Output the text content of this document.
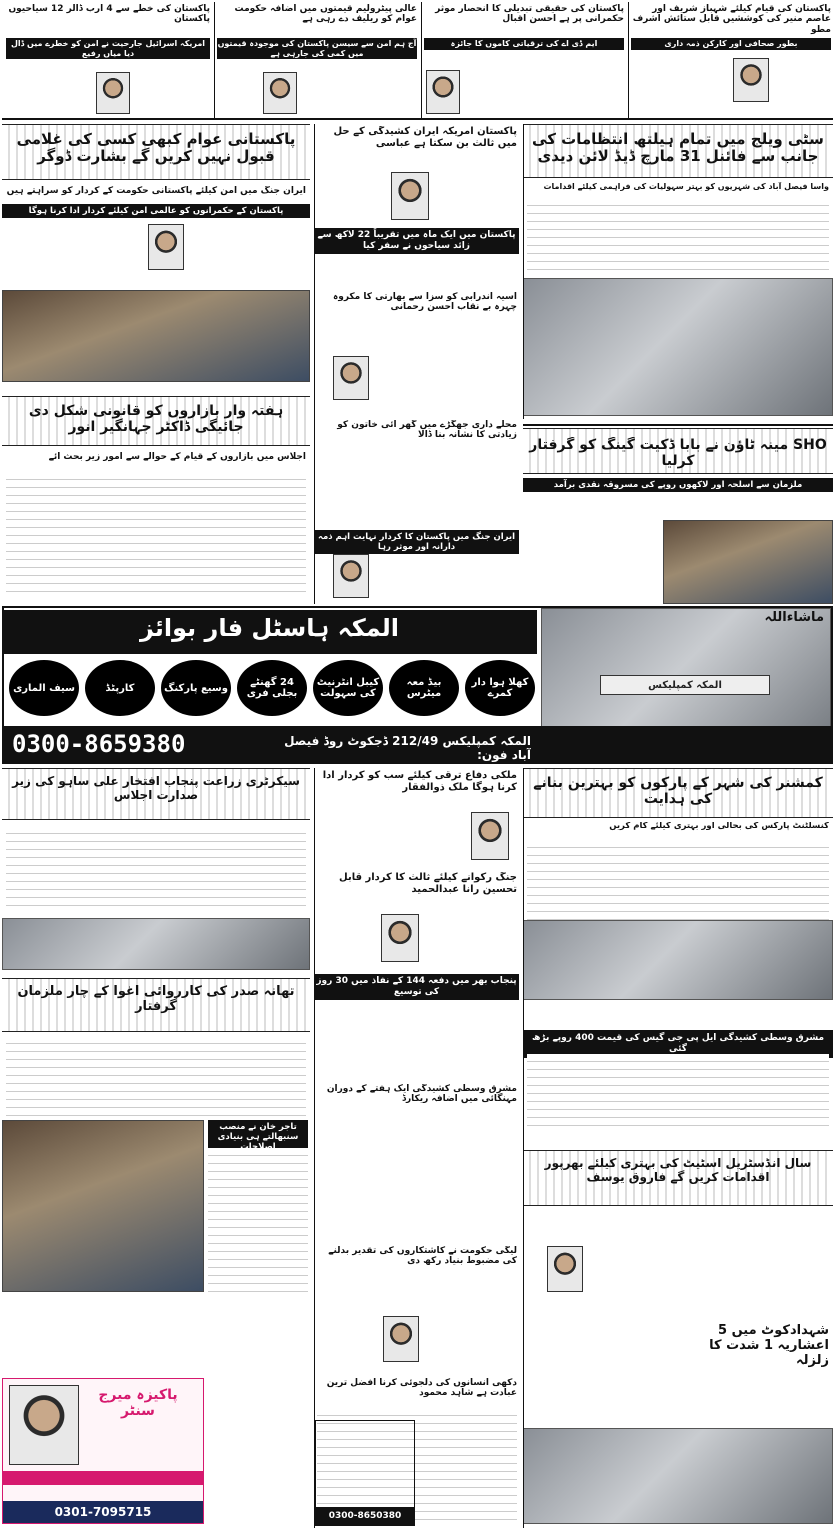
پاکستان کی قیام کیلئے شہباز شریف اور عاصم منیر کی کوششیں قابل ستائش اشرف مطو
بطور صحافی اور کارکن ذمہ داری

پاکستان کی حقیقی تبدیلی کا انحصار موثر حکمرانی پر ہے احسن اقبال
ایم ڈی اے کی ترقیاتی کاموں کا جائزہ
عالی پیٹرولیم قیمتوں میں اضافہ حکومت عوام کو ریلیف دے رہی ہے
آج ہم امن سے سیسن پاکستان کی موجودہ قیمتوں میں کمی کی جارہی ہے
پاکستان کی خطے سے 4 ارب ڈالر 12 سیاحیوں پاکستان
امریکہ اسرائیل جارحیت نے امن کو خطرے میں ڈال دیا میاں رفیع
سٹی ویلج میں تمام ہیلتھ انتظامات کی جانب سے فائنل 31 مارچ ڈیڈ لائن دیدی
واسا فیصل آباد کی شہریوں کو بہتر سہولیات کی فراہمی کیلئے اقدامات
پاکستان امریکہ ایران کشیدگی کے حل میں ثالث بن سکتا ہے عباسی
پاکستان میں ایک ماہ میں تقریباً 22 لاکھ سے زائد سیاحوں نے سفر کیا
آسیہ اندرابی کو سزا سے بھارتی کا مکروہ چہرہ بے نقاب احسن رحمانی
محلے داری جھگڑے میں گھر آئی خاتون کو زیادتی کا نشانہ بنا ڈالا
ایران جنگ میں پاکستان کا کردار نہایت اہم ذمہ دارانہ اور موثر رہا
پاکستانی عوام کبھی کسی کی غلامی قبول نہیں کریں گے بشارت ڈوگر
ایران جنگ میں امن کیلئے پاکستانی حکومت کے کردار کو سراہتے ہیں
پاکستان کے حکمرانوں کو عالمی امن کیلئے کردار ادا کرنا ہوگا
ہفتہ وار بازاروں کو قانونی شکل دی جائیگی ڈاکٹر جہانگیر انور
اجلاس میں بازاروں کے قیام کے حوالے سے امور زیر بحث آئے
SHO مینہ ٹاؤن نے بابا ڈکیت گینگ کو گرفتار کرلیا
ملزمان سے اسلحہ اور لاکھوں روپے کی مسروقہ نقدی برآمد
المکہ کمپلیکس
ماشاءاللہ
المکہ ہاسٹل فار بوائز
کھلا ہوا دار کمرے
بیڈ معہ میٹرس
کیبل انٹرنیٹ کی سہولت
24 گھنٹے بجلی فری
وسیع پارکنگ
کارپٹڈ
سیف الماری
المکہ کمپلیکس 212/49 ڈجکوٹ روڈ فیصل آباد فون:
0300-8659380
کمشنر کی شہر کے پارکوں کو بہترین بنانے کی ہدایت
کنسلٹنٹ پارکس کی بحالی اور بہتری کیلئے کام کریں
مشرق وسطی کشیدگی ایل پی جی گیس کی قیمت 400 روپے بڑھ گئی
سال انڈسٹریل اسٹیٹ کی بہتری کیلئے بھرپور اقدامات کریں گے فاروق یوسف
شہدادکوٹ میں 5 اعشاریہ 1 شدت کا زلزلہ
ملکی دفاع ترقی کیلئے سب کو کردار ادا کرنا ہوگا ملک ذوالفقار
جنگ رکوانے کیلئے ثالث کا کردار قابل تحسین رانا عبدالحمید
پنجاب بھر میں دفعہ 144 کے نفاذ میں 30 روز کی توسیع
مشرق وسطی کشیدگی ایک ہفتے کے دوران مہنگائی میں اضافہ ریکارڈ
لیگی حکومت نے کاشتکاروں کی تقدیر بدلنے کی مضبوط بنیاد رکھ دی
دکھی انسانوں کی دلجوئی کرنا افضل ترین عبادت ہے شاہد محمود
سیکرٹری زراعت پنجاب افتخار علی ساہو کی زیر صدارت اجلاس
تھانہ صدر کی کارروائی اغوا کے چار ملزمان گرفتار
تاجر خان نے منصب سنبھالتے ہی بنیادی
پاکیزہ میرج سنٹر
0301-7095715	0300-8650380
